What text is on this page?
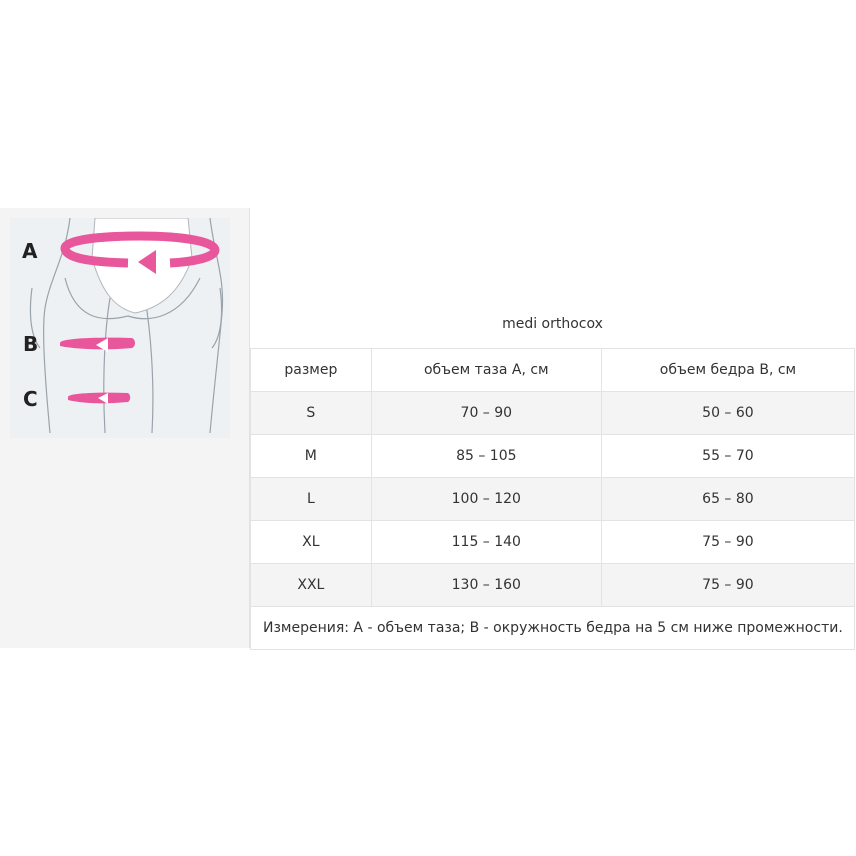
A
B
C
medi orthocox
размер	объем таза A, см	объем бедра B, см
S	70 – 90	50 – 60
M	85 – 105	55 – 70
L	100 – 120	65 – 80
XL	115 – 140	75 – 90
XXL	130 – 160	75 – 90
Измерения: А - объем таза; В - окружность бедра на 5 см ниже промежности.		
